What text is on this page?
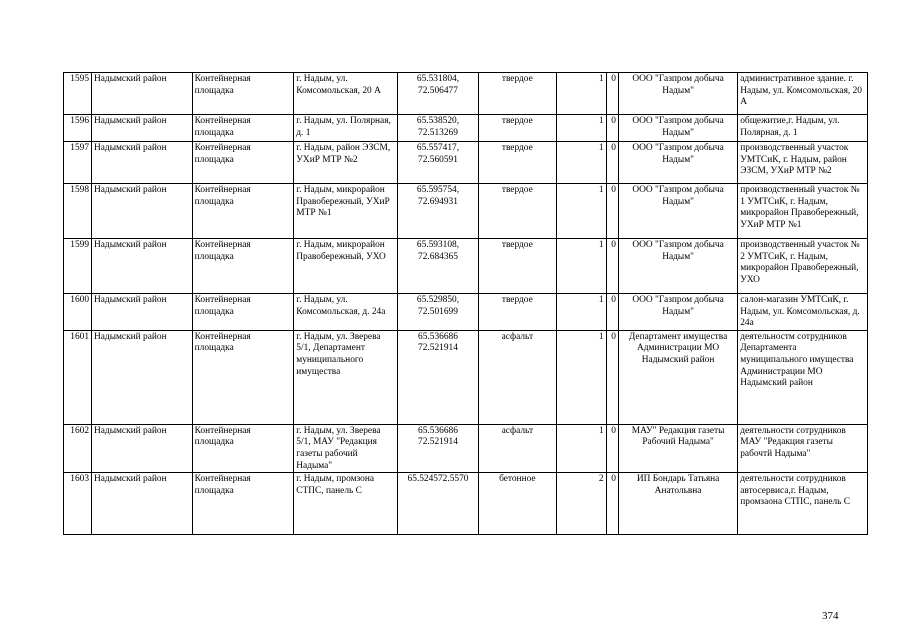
1595	Надымский район	Контейнерная площадка	г. Надым, ул. Комсомольская, 20 А	65.531804, 72.506477	твердое	1	0	ООО "Газпром добыча Надым"	административное здание. г. Надым, ул. Комсомольская, 20 А
1596	Надымский район	Контейнерная площадка	г. Надым, ул. Полярная, д. 1	65.538520, 72.513269	твердое	1	0	ООО "Газпром добыча Надым"	общежитие,г. Надым, ул. Полярная, д. 1
1597	Надымский район	Контейнерная площадка	г. Надым, район ЭЗСМ, УХиР МТР №2	65.557417, 72.560591	твердое	1	0	ООО "Газпром добыча Надым"	производственный участок УМТСиК, г. Надым, район ЭЗСМ, УХиР МТР №2
1598	Надымский район	Контейнерная площадка	г. Надым, микрорайон Правобережный, УХиР МТР №1	65.595754, 72.694931	твердое	1	0	ООО "Газпром добыча Надым"	производственный участок № 1 УМТСиК, г. Надым, микрорайон Правобережный, УХиР МТР №1
1599	Надымский район	Контейнерная площадка	г. Надым, микрорайон Правобережный, УХО	65.593108, 72.684365	твердое	1	0	ООО "Газпром добыча Надым"	производственный участок № 2 УМТСиК, г. Надым, микрорайон Правобережный, УХО
1600	Надымский район	Контейнерная площадка	г. Надым, ул. Комсомольская, д. 24а	65.529850, 72.501699	твердое	1	0	ООО "Газпром добыча Надым"	салон-магазин УМТСиК, г. Надым, ул. Комсомольская, д. 24а
1601	Надымский район	Контейнерная площадка	г. Надым, ул. Зверева 5/1, Департамент муниципального имущества	65.536686 72.521914	асфальт	1	0	Департамент имущества Администрации МО Надымский район	деятельностм сотрудников Департамента муниципального имущества Администрации МО Надымский район
1602	Надымский район	Контейнерная площадка	г. Надым, ул. Зверева 5/1, МАУ "Редакция газеты рабочий Надыма"	65.536686 72.521914	асфальт	1	0	МАУ" Редакция газеты Рабочий Надыма"	деятельности сотрудников МАУ "Редакция газеты рабочтй Надыма"
1603	Надымский район	Контейнерная площадка	г. Надым, промзона СТПС, панель С	65.524572.5570	бетонное	2	0	ИП Бондарь Татьяна Анатольвна	деятельности сотрудников автосервиса,г. Надым, промзаона СТПС, панель С
374
